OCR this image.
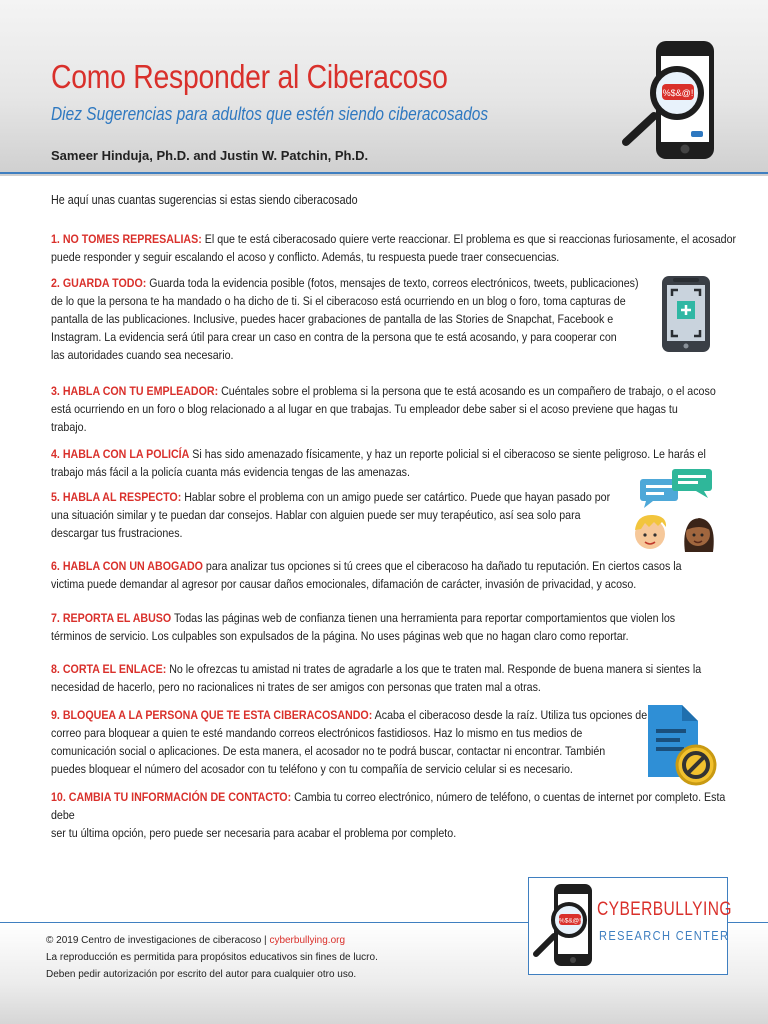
Como Responder al Ciberacoso
Diez Sugerencias para adultos que estén siendo ciberacosados
Sameer Hinduja, Ph.D. and Justin W. Patchin, Ph.D.
%$&@!
He aquí unas cuantas sugerencias si estas siendo ciberacosado
1. NO TOMES REPRESALIAS: El que te está ciberacosado quiere verte reaccionar. El problema es que si reaccionas furiosamente, el acosador
puede responder y seguir escalando el acoso y conflicto. Además, tu respuesta puede traer consecuencias.
2. GUARDA TODO: Guarda toda la evidencia posible (fotos, mensajes de texto, correos electrónicos, tweets, publicaciones)
de lo que la persona te ha mandado o ha dicho de ti. Si el ciberacoso está ocurriendo en un blog o foro, toma capturas de
pantalla de las publicaciones. Inclusive, puedes hacer grabaciones de pantalla de las Stories de Snapchat, Facebook e
Instagram. La evidencia será útil para crear un caso en contra de la persona que te está acosando, y para cooperar con
las autoridades cuando sea necesario.
3. HABLA CON TU EMPLEADOR: Cuéntales sobre el problema si la persona que te está acosando es un compañero de trabajo, o el acoso
está ocurriendo en un foro o blog relacionado a al lugar en que trabajas. Tu empleador debe saber si el acoso previene que hagas tu
trabajo.
4. HABLA CON LA POLICÍA Si has sido amenazado físicamente, y haz un reporte policial si el ciberacoso se siente peligroso. Le harás el
trabajo más fácil a la policía cuanta más evidencia tengas de las amenazas.
5. HABLA AL RESPECTO: Hablar sobre el problema con un amigo puede ser catártico. Puede que hayan pasado por
una situación similar y te puedan dar consejos. Hablar con alguien puede ser muy terapéutico, así sea solo para
descargar tus frustraciones.
6. HABLA CON UN ABOGADO para analizar tus opciones si tú crees que el ciberacoso ha dañado tu reputación. En ciertos casos la
victima puede demandar al agresor por causar daños emocionales, difamación de carácter, invasión de privacidad, y acoso.
7. REPORTA EL ABUSO Todas las páginas web de confianza tienen una herramienta para reportar comportamientos que violen los
términos de servicio. Los culpables son expulsados de la página. No uses páginas web que no hagan claro como reportar.
8. CORTA EL ENLACE: No le ofrezcas tu amistad ni trates de agradarle a los que te traten mal. Responde de buena manera si sientes la
necesidad de hacerlo, pero no racionalices ni trates de ser amigos con personas que traten mal a otras.
9. BLOQUEA A LA PERSONA QUE TE ESTA CIBERACOSANDO: Acaba el ciberacoso desde la raíz. Utiliza tus opciones de
correo para bloquear a quien te esté mandando correos electrónicos fastidiosos. Haz lo mismo en tus medios de
comunicación social o aplicaciones. De esta manera, el acosador no te podrá buscar, contactar ni encontrar. También
puedes bloquear el número del acosador con tu teléfono y con tu compañía de servicio celular si es necesario.
10. CAMBIA TU INFORMACIÓN DE CONTACTO: Cambia tu correo electrónico, número de teléfono, o cuentas de internet por completo. Esta debe
ser tu última opción, pero puede ser necesaria para acabar el problema por completo.
© 2019 Centro de investigaciones de ciberacoso | cyberbullying.org
La reproducción es permitida para propósitos educativos sin fines de lucro.
Deben pedir autorización por escrito del autor para cualquier otro uso.
%$&@!
CYBERBULLYING
RESEARCH CENTER
